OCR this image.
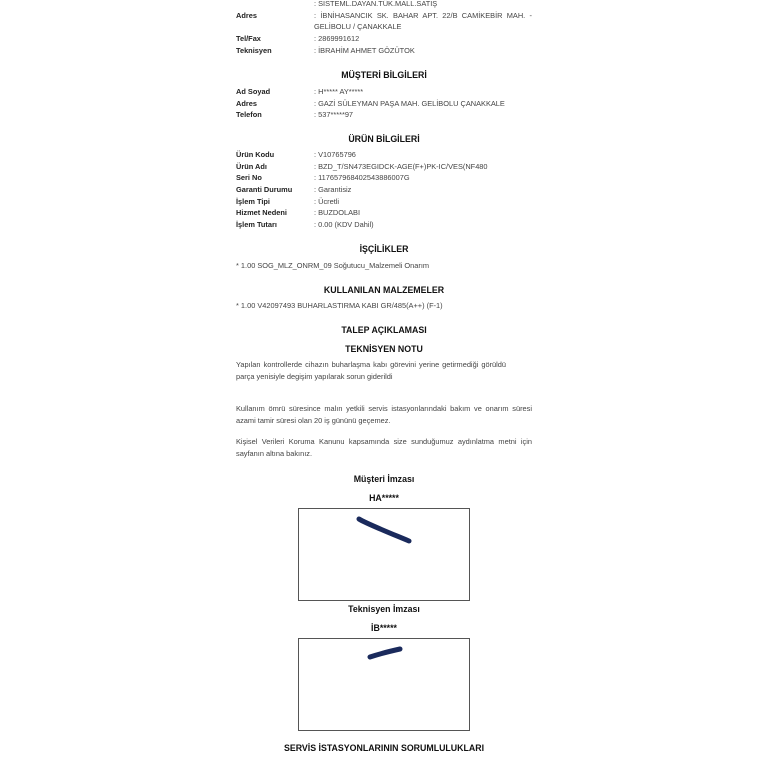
: SISTEML.DAYAN.TÜK.MALL.SATIŞ
Adres	: İBNİHASANCIK SK. BAHAR APT. 22/B CAMİKEBİR MAH. - GELİBOLU / ÇANAKKALE
Tel/Fax	: 2869991612
Teknisyen	: İBRAHİM AHMET GÖZÜTOK
MÜŞTERİ BİLGİLERİ
Ad Soyad	: H***** AY*****
Adres	: GAZİ SÜLEYMAN PAŞA MAH. GELİBOLU ÇANAKKALE
Telefon	: 537*****97
ÜRÜN BİLGİLERİ
Ürün Kodu	: V10765796
Ürün Adı	: BZD_T/SN473EGIDCK-AGE(F+)PK-IC/VES(NF480
Seri No	: 117657968402543886007G
Garanti Durumu	: Garantisiz
İşlem Tipi	: Ücretli
Hizmet Nedeni	: BUZDOLABI
İşlem Tutarı	: 0.00 (KDV Dahil)
İŞÇİLİKLER
* 1.00 SOG_MLZ_ONRM_09 Soğutucu_Malzemeli Onarım
KULLANILAN MALZEMELER
* 1.00 V42097493 BUHARLASTIRMA KABI GR/485(A++) (F-1)
TALEP AÇIKLAMASI
TEKNİSYEN NOTU
Yapılan kontrollerde cihazın buharlaşma kabı görevini yerine getirmediği görüldü parça yenisiyle degişim yapılarak sorun giderildi
Kullanım ömrü süresince malın yetkili servis istasyonlarındaki bakım ve onarım süresi azami tamir süresi olan 20 iş gününü geçemez.
Kişisel Verileri Koruma Kanunu kapsamında size sunduğumuz aydınlatma metni için sayfanın altına bakınız.
Müşteri İmzası
HA*****
Teknisyen İmzası
İB*****
SERVİS İSTASYONLARININ SORUMLULUKLARI
